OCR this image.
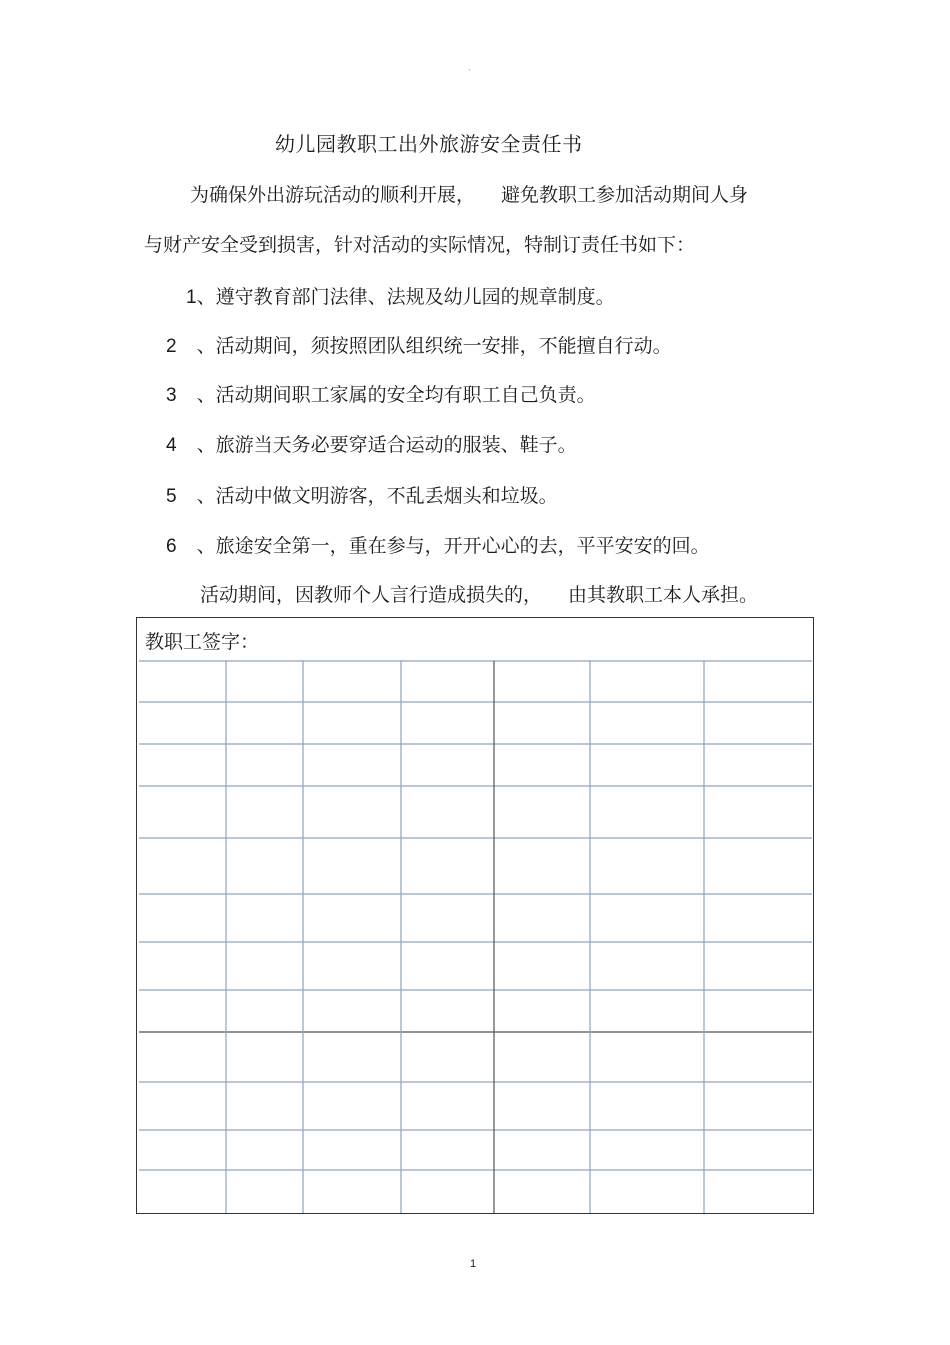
·
幼儿园教职工出外旅游安全责任书
为确保外出游玩活动的顺利开展， 避免教职工参加活动期间人身
与财产安全受到损害，针对活动的实际情况，特制订责任书如下：
1、遵守教育部门法律、法规及幼儿园的规章制度。
2 、活动期间，须按照团队组织统一安排，不能擅自行动。
3 、活动期间职工家属的安全均有职工自己负责。
4 、旅游当天务必要穿适合运动的服装、鞋子。
5 、活动中做文明游客，不乱丢烟头和垃圾。
6 、旅途安全第一，重在参与，开开心心的去，平平安安的回。
活动期间，因教师个人言行造成损失的， 由其教职工本人承担。
教职工签字：
1
